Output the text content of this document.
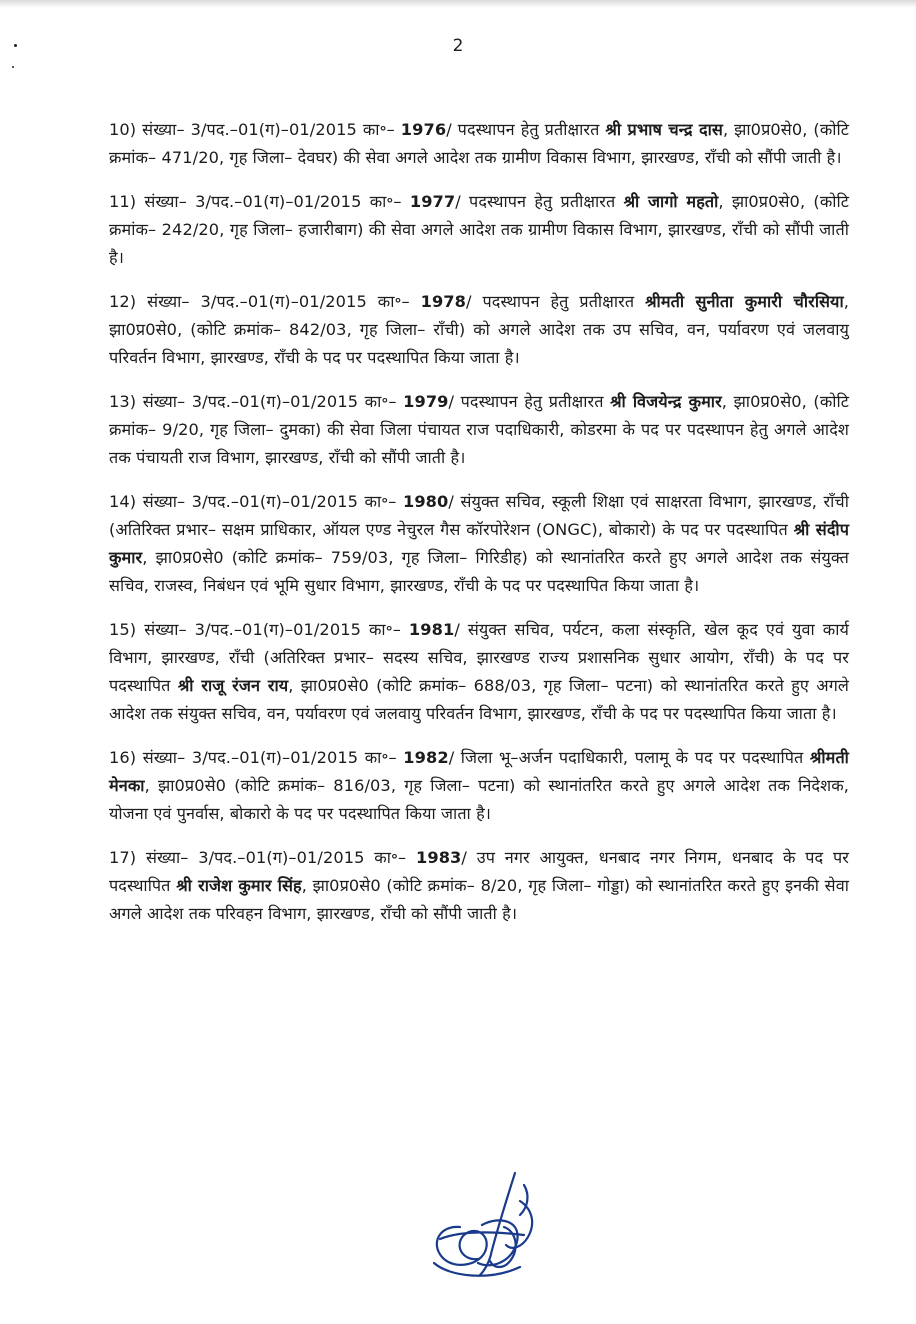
2

10) संख्या– 3/पद.–01(ग)–01/2015 का॰– 1976/ पदस्थापन हेतु प्रतीक्षारत श्री प्रभाष चन्द्र दास, झा0प्र0से0, (कोटि क्रमांक– 471/20, गृह जिला– देवघर) की सेवा अगले आदेश तक ग्रामीण विकास विभाग, झारखण्ड, राँची को सौंपी जाती है।

11) संख्या– 3/पद.–01(ग)–01/2015 का॰– 1977/ पदस्थापन हेतु प्रतीक्षारत श्री जागो महतो, झा0प्र0से0, (कोटि क्रमांक– 242/20, गृह जिला– हजारीबाग) की सेवा अगले आदेश तक ग्रामीण विकास विभाग, झारखण्ड, राँची को सौंपी जाती है।

12) संख्या– 3/पद.–01(ग)–01/2015 का॰– 1978/ पदस्थापन हेतु प्रतीक्षारत श्रीमती सुनीता कुमारी चौरसिया, झा0प्र0से0, (कोटि क्रमांक– 842/03, गृह जिला– राँची) को अगले आदेश तक उप सचिव, वन, पर्यावरण एवं जलवायु परिवर्तन विभाग, झारखण्ड, राँची के पद पर पदस्थापित किया जाता है।

13) संख्या– 3/पद.–01(ग)–01/2015 का॰– 1979/ पदस्थापन हेतु प्रतीक्षारत श्री विजयेन्द्र कुमार, झा0प्र0से0, (कोटि क्रमांक– 9/20, गृह जिला– दुमका) की सेवा जिला पंचायत राज पदाधिकारी, कोडरमा के पद पर पदस्थापन हेतु अगले आदेश तक पंचायती राज विभाग, झारखण्ड, राँची को सौंपी जाती है।

14) संख्या– 3/पद.–01(ग)–01/2015 का॰– 1980/ संयुक्त सचिव, स्कूली शिक्षा एवं साक्षरता विभाग, झारखण्ड, राँची (अतिरिक्त प्रभार– सक्षम प्राधिकार, ऑयल एण्ड नेचुरल गैस कॉरपोरेशन (ONGC), बोकारो) के पद पर पदस्थापित श्री संदीप कुमार, झा0प्र0से0 (कोटि क्रमांक– 759/03, गृह जिला– गिरिडीह) को स्थानांतरित करते हुए अगले आदेश तक संयुक्त सचिव, राजस्व, निबंधन एवं भूमि सुधार विभाग, झारखण्ड, राँची के पद पर पदस्थापित किया जाता है।

15) संख्या– 3/पद.–01(ग)–01/2015 का॰– 1981/ संयुक्त सचिव, पर्यटन, कला संस्कृति, खेल कूद एवं युवा कार्य विभाग, झारखण्ड, राँची (अतिरिक्त प्रभार– सदस्य सचिव, झारखण्ड राज्य प्रशासनिक सुधार आयोग, राँची) के पद पर पदस्थापित श्री राजू रंजन राय, झा0प्र0से0 (कोटि क्रमांक– 688/03, गृह जिला– पटना) को स्थानांतरित करते हुए अगले आदेश तक संयुक्त सचिव, वन, पर्यावरण एवं जलवायु परिवर्तन विभाग, झारखण्ड, राँची के पद पर पदस्थापित किया जाता है।

16) संख्या– 3/पद.–01(ग)–01/2015 का॰– 1982/ जिला भू–अर्जन पदाधिकारी, पलामू के पद पर पदस्थापित श्रीमती मेनका, झा0प्र0से0 (कोटि क्रमांक– 816/03, गृह जिला– पटना) को स्थानांतरित करते हुए अगले आदेश तक निदेशक, योजना एवं पुनर्वास, बोकारो के पद पर पदस्थापित किया जाता है।

17) संख्या– 3/पद.–01(ग)–01/2015 का॰– 1983/ उप नगर आयुक्त, धनबाद नगर निगम, धनबाद के पद पर पदस्थापित श्री राजेश कुमार सिंह, झा0प्र0से0 (कोटि क्रमांक– 8/20, गृह जिला– गोड्डा) को स्थानांतरित करते हुए इनकी सेवा अगले आदेश तक परिवहन विभाग, झारखण्ड, राँची को सौंपी जाती है।
